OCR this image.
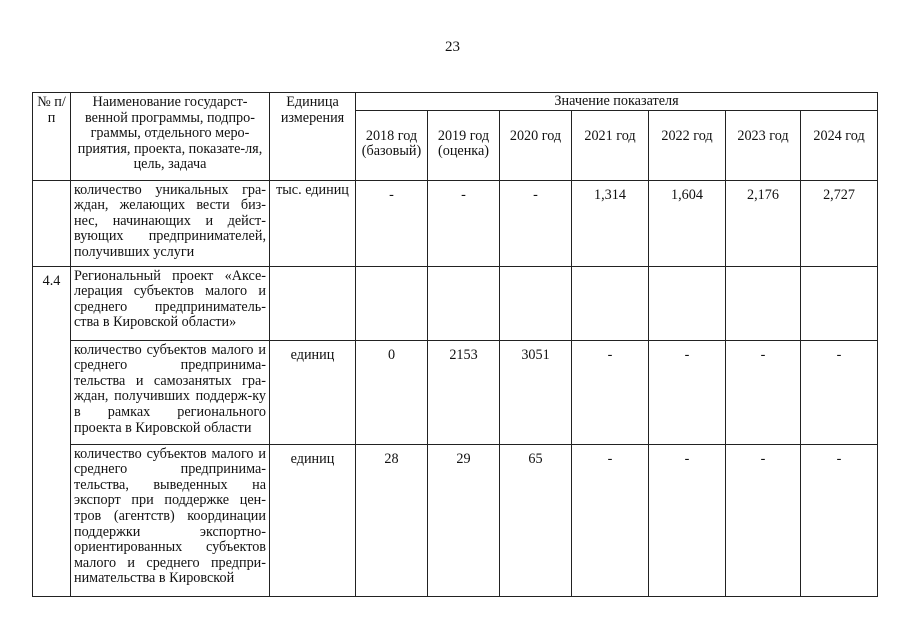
23
№ п/п	Наименование государст-венной программы, подпро-граммы, отдельного меро-приятия, проекта, показате-ля, цель, задача	Единица измерения	Значение показателя						
			2018 год (базовый)	2019 год (оценка)	2020 год	2021 год	2022 год	2023 год	2024 год
	количество уникальных гра-ждан, желающих вести биз-нес, начинающих и дейст-вующих предпринимателей, получивших услуги	тыс. единиц	-	-	-	1,314	1,604	2,176	2,727
4.4	Региональный проект «Аксе-лерация субъектов малого и среднего предприниматель-ства в Кировской области»								
	количество субъектов малого и среднего предпринима-тельства и самозанятых гра-ждан, получивших поддерж-ку в рамках регионального проекта в Кировской области	единиц	0	2153	3051	-	-	-	-
	количество субъектов малого и среднего предпринима-тельства, выведенных на экспорт при поддержке цен-тров (агентств) координации поддержки экспортно-ориентированных субъектов малого и среднего предпри-нимательства в Кировской	единиц	28	29	65	-	-	-	-
